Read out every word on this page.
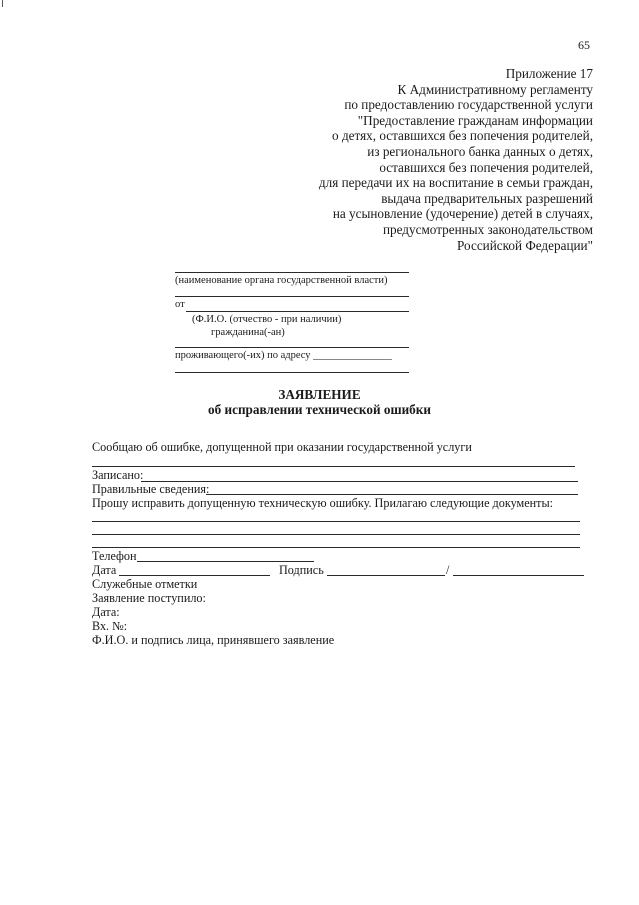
65
Приложение 17
К Административному регламенту
по предоставлению государственной услуги
"Предоставление гражданам информации
о детях, оставшихся без попечения родителей,
из регионального банка данных о детях,
оставшихся без попечения родителей,
для передачи их на воспитание в семьи граждан,
выдача предварительных разрешений
на усыновление (удочерение) детей в случаях,
предусмотренных законодательством
Российской Федерации"
(наименование органа государственной власти)
от
(Ф.И.О. (отчество - при наличии)
гражданина(-ан)
проживающего(-их) по адресу _______________
ЗАЯВЛЕНИЕ
об исправлении технической ошибки
Сообщаю об ошибке, допущенной при оказании государственной услуги
Записано:
Правильные сведения:
Прошу исправить допущенную техническую ошибку. Прилагаю следующие документы:
Телефон
Дата	Подпись	/
Служебные отметки
Заявление поступило:
Дата:
Вх. №:
Ф.И.О. и подпись лица, принявшего заявление
